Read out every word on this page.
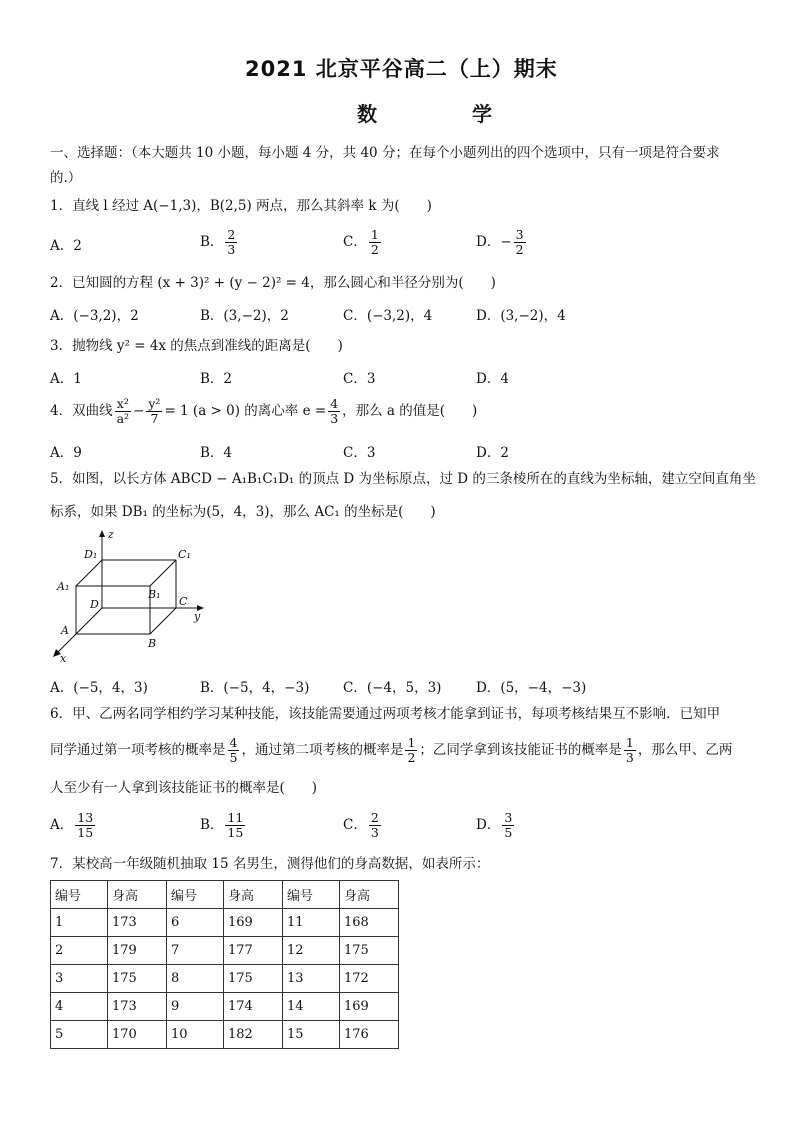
2021 北京平谷高二（上）期末
数 学
一、选择题：（本大题共 10 小题，每小题 4 分，共 40 分；在每个小题列出的四个选项中，只有一项是符合要求
的.）
1．直线 l 经过 A(−1,3)，B(2,5) 两点，那么其斜率 k 为(　　)
A．2	B． $\frac{2}{3}$	C． $\frac{1}{2}$	D．− $\frac{3}{2}$
2．已知圆的方程 (x + 3)² + (y − 2)² = 4，那么圆心和半径分别为(　　)
A．(−3,2)，2	B．(3,−2)，2	C．(−3,2)，4	D．(3,−2)，4
3．抛物线 y² = 4x 的焦点到准线的距离是(　　)
A．1	B．2	C．3	D．4
4．双曲线 $\frac{\text{x²}}{\text{a²}} - \frac{\text{y²}}{7} = 1$ (a > 0) 的离心率 $e = \frac{4}{3}$ ，那么 a 的值是(　　)
A．9	B．4	C．3	D．2
5．如图，以长方体 ABCD − A₁B₁C₁D₁ 的顶点 D 为坐标原点，过 D 的三条棱所在的直线为坐标轴，建立空间直角坐
标系，如果 DB₁ 的坐标为(5，4，3)，那么 AC₁ 的坐标是(　　)
z
y
x
D₁	C₁
A₁
B₁
D	C
A
B
A．(−5，4，3)	B．(−5，4，−3) C．(−4，5，3)	D．(5，−4，−3)
6．甲、乙两名同学相约学习某种技能，该技能需要通过两项考核才能拿到证书，每项考核结果互不影响．已知甲
同学通过第一项考核的概率是 $\frac{4}{5}$ ，通过第二项考核的概率是 $\frac{1}{2}$ ；乙同学拿到该技能证书的概率是 $\frac{1}{3}$ ，那么甲、乙两
人至少有一人拿到该技能证书的概率是(　　)
A． $\frac{13}{15}$	B． $\frac{11}{15}$	C． $\frac{2}{3}$	D． $\frac{3}{5}$
7．某校高一年级随机抽取 15 名男生，测得他们的身高数据，如表所示：
编号	身高	编号	身高	编号	身高
1	173	6	169	11	168
2	179	7	177	12	175
3	175	8	175	13	172
4	173	9	174	14	169
5	170	10	182	15	176
